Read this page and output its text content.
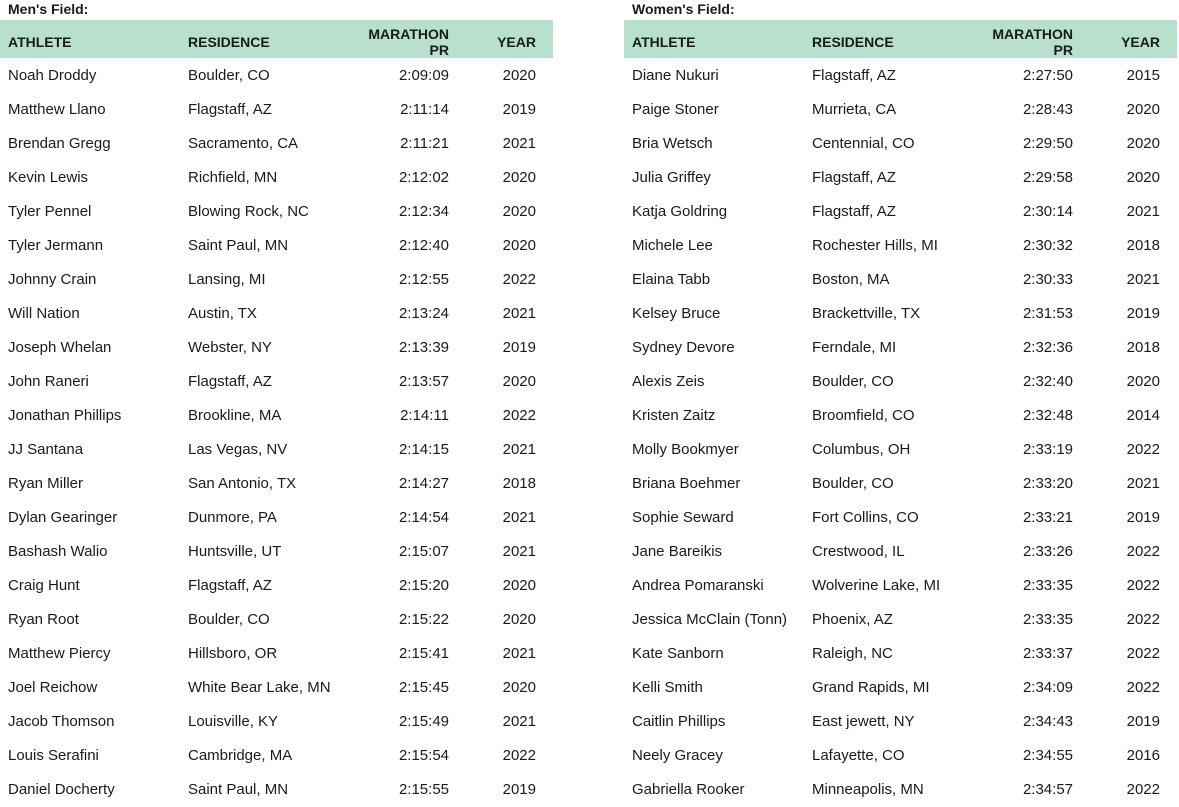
Men's Field:
ATHLETE	RESIDENCE	MARATHON PR	YEAR
Noah Droddy	Boulder, CO	2:09:09	2020
Matthew Llano	Flagstaff, AZ	2:11:14	2019
Brendan Gregg	Sacramento, CA	2:11:21	2021
Kevin Lewis	Richfield, MN	2:12:02	2020
Tyler Pennel	Blowing Rock, NC	2:12:34	2020
Tyler Jermann	Saint Paul, MN	2:12:40	2020
Johnny Crain	Lansing, MI	2:12:55	2022
Will Nation	Austin, TX	2:13:24	2021
Joseph Whelan	Webster, NY	2:13:39	2019
John Raneri	Flagstaff, AZ	2:13:57	2020
Jonathan Phillips	Brookline, MA	2:14:11	2022
JJ Santana	Las Vegas, NV	2:14:15	2021
Ryan Miller	San Antonio, TX	2:14:27	2018
Dylan Gearinger	Dunmore, PA	2:14:54	2021
Bashash Walio	Huntsville, UT	2:15:07	2021
Craig Hunt	Flagstaff, AZ	2:15:20	2020
Ryan Root	Boulder, CO	2:15:22	2020
Matthew Piercy	Hillsboro, OR	2:15:41	2021
Joel Reichow	White Bear Lake, MN	2:15:45	2020
Jacob Thomson	Louisville, KY	2:15:49	2021
Louis Serafini	Cambridge, MA	2:15:54	2022
Daniel Docherty	Saint Paul, MN	2:15:55	2019
Women's Field:
ATHLETE	RESIDENCE	MARATHON PR	YEAR
Diane Nukuri	Flagstaff, AZ	2:27:50	2015
Paige Stoner	Murrieta, CA	2:28:43	2020
Bria Wetsch	Centennial, CO	2:29:50	2020
Julia Griffey	Flagstaff, AZ	2:29:58	2020
Katja Goldring	Flagstaff, AZ	2:30:14	2021
Michele Lee	Rochester Hills, MI	2:30:32	2018
Elaina Tabb	Boston, MA	2:30:33	2021
Kelsey Bruce	Brackettville, TX	2:31:53	2019
Sydney Devore	Ferndale, MI	2:32:36	2018
Alexis Zeis	Boulder, CO	2:32:40	2020
Kristen Zaitz	Broomfield, CO	2:32:48	2014
Molly Bookmyer	Columbus, OH	2:33:19	2022
Briana Boehmer	Boulder, CO	2:33:20	2021
Sophie Seward	Fort Collins, CO	2:33:21	2019
Jane Bareikis	Crestwood, IL	2:33:26	2022
Andrea Pomaranski	Wolverine Lake, MI	2:33:35	2022
Jessica McClain (Tonn)	Phoenix, AZ	2:33:35	2022
Kate Sanborn	Raleigh, NC	2:33:37	2022
Kelli Smith	Grand Rapids, MI	2:34:09	2022
Caitlin Phillips	East jewett, NY	2:34:43	2019
Neely Gracey	Lafayette, CO	2:34:55	2016
Gabriella Rooker	Minneapolis, MN	2:34:57	2022
